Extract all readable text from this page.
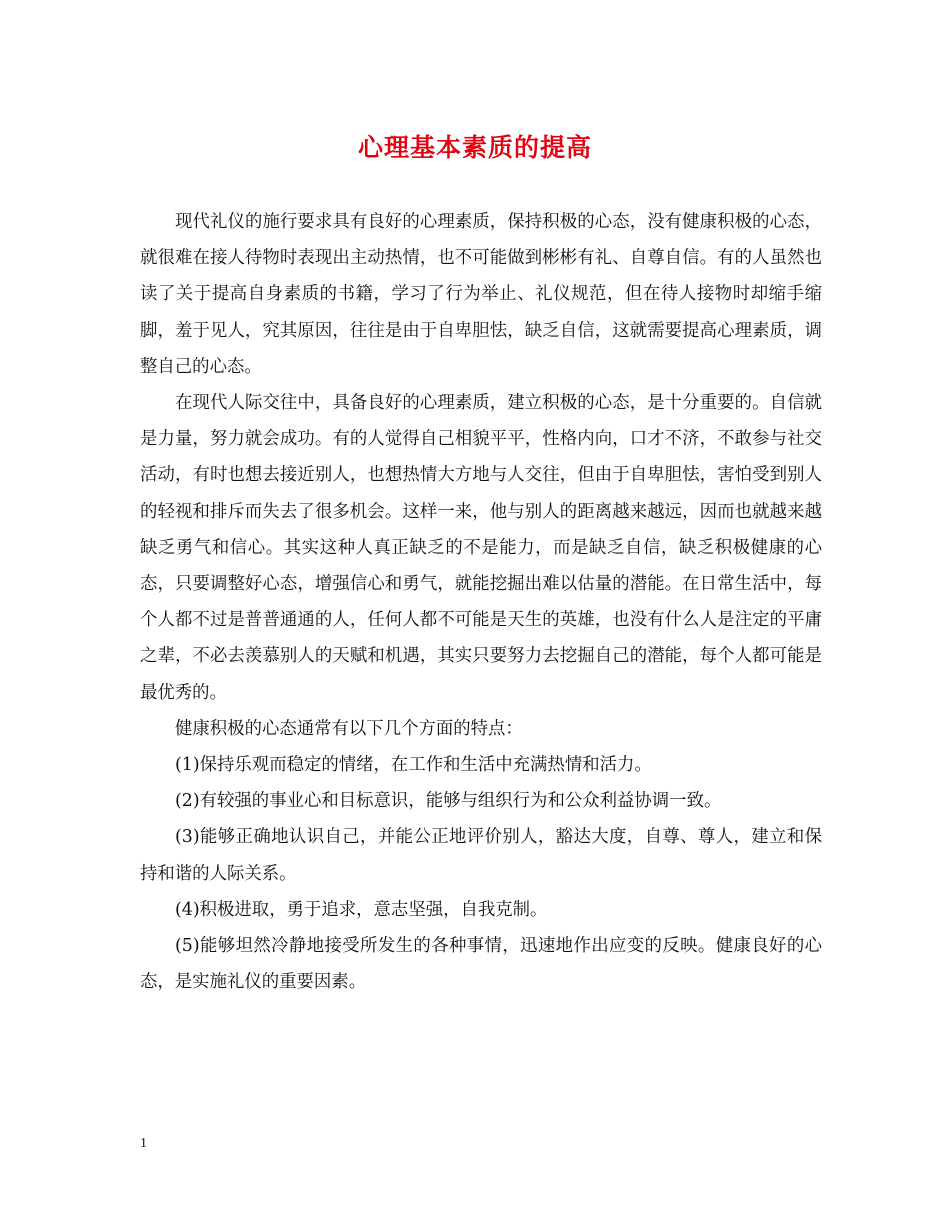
心理基本素质的提高

现代礼仪的施行要求具有良好的心理素质，保持积极的心态，没有健康积极的心态，就很难在接人待物时表现出主动热情，也不可能做到彬彬有礼、自尊自信。有的人虽然也读了关于提高自身素质的书籍，学习了行为举止、礼仪规范，但在待人接物时却缩手缩脚，羞于见人，究其原因，往往是由于自卑胆怯，缺乏自信，这就需要提高心理素质，调整自己的心态。

在现代人际交往中，具备良好的心理素质，建立积极的心态，是十分重要的。自信就是力量，努力就会成功。有的人觉得自己相貌平平，性格内向，口才不济，不敢参与社交活动，有时也想去接近别人，也想热情大方地与人交往，但由于自卑胆怯，害怕受到别人的轻视和排斥而失去了很多机会。这样一来，他与别人的距离越来越远，因而也就越来越缺乏勇气和信心。其实这种人真正缺乏的不是能力，而是缺乏自信，缺乏积极健康的心态，只要调整好心态，增强信心和勇气，就能挖掘出难以估量的潜能。在日常生活中，每个人都不过是普普通通的人，任何人都不可能是天生的英雄，也没有什么人是注定的平庸之辈，不必去羡慕别人的天赋和机遇，其实只要努力去挖掘自己的潜能，每个人都可能是最优秀的。

健康积极的心态通常有以下几个方面的特点：

(1)保持乐观而稳定的情绪，在工作和生活中充满热情和活力。

(2)有较强的事业心和目标意识，能够与组织行为和公众利益协调一致。

(3)能够正确地认识自己，并能公正地评价别人，豁达大度，自尊、尊人，建立和保持和谐的人际关系。

(4)积极进取，勇于追求，意志坚强，自我克制。

(5)能够坦然冷静地接受所发生的各种事情，迅速地作出应变的反映。健康良好的心态，是实施礼仪的重要因素。

1
